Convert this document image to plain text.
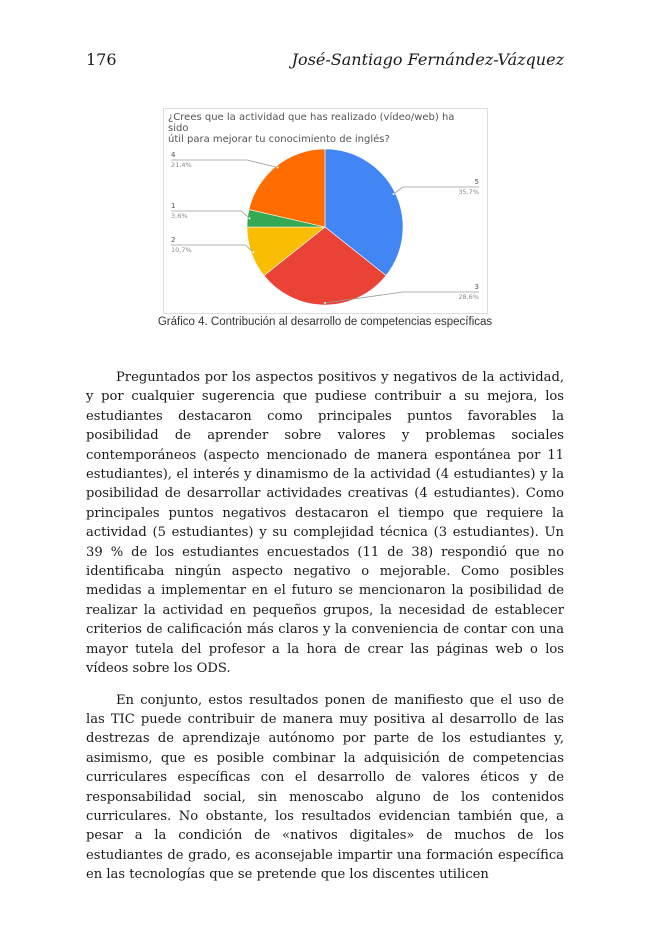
176	José-Santiago Fernández-Vázquez
5
35,7%
3
28,6%
2
10,7%
1
3,6%
4
21,4%
¿Crees que la actividad que has realizado (vídeo/web) ha sido
útil para mejorar tu conocimiento de inglés?
Gráfico 4. Contribución al desarrollo de competencias específicas

Preguntados por los aspectos positivos y negativos de la actividad, y por cualquier sugerencia que pudiese contribuir a su mejora, los estudiantes destacaron como principales puntos favorables la posibilidad de aprender sobre valores y problemas sociales contemporáneos (aspecto mencionado de manera espontánea por 11 estudiantes), el interés y dinamismo de la actividad (4 estudiantes) y la posibilidad de desarrollar actividades creativas (4 estudiantes). Como principales puntos negativos destacaron el tiempo que requiere la actividad (5 estudiantes) y su complejidad técnica (3 estudiantes). Un 39 % de los estudiantes encuestados (11 de 38) respondió que no identificaba ningún aspecto negativo o mejorable. Como posibles medidas a implementar en el futuro se mencionaron la posibilidad de realizar la actividad en pequeños grupos, la necesidad de establecer criterios de calificación más claros y la conveniencia de contar con una mayor tutela del profesor a la hora de crear las páginas web o los vídeos sobre los ODS.

En conjunto, estos resultados ponen de manifiesto que el uso de las TIC puede contribuir de manera muy positiva al desarrollo de las destrezas de aprendizaje autónomo por parte de los estudiantes y, asimismo, que es posible combinar la adquisición de competencias curriculares específicas con el desarrollo de valores éticos y de responsabilidad social, sin menoscabo alguno de los contenidos curriculares. No obstante, los resultados evidencian también que, a pesar a la condición de «nativos digitales» de muchos de los estudiantes de grado, es aconsejable impartir una formación específica en las tecnologías que se pretende que los discentes utilicen
